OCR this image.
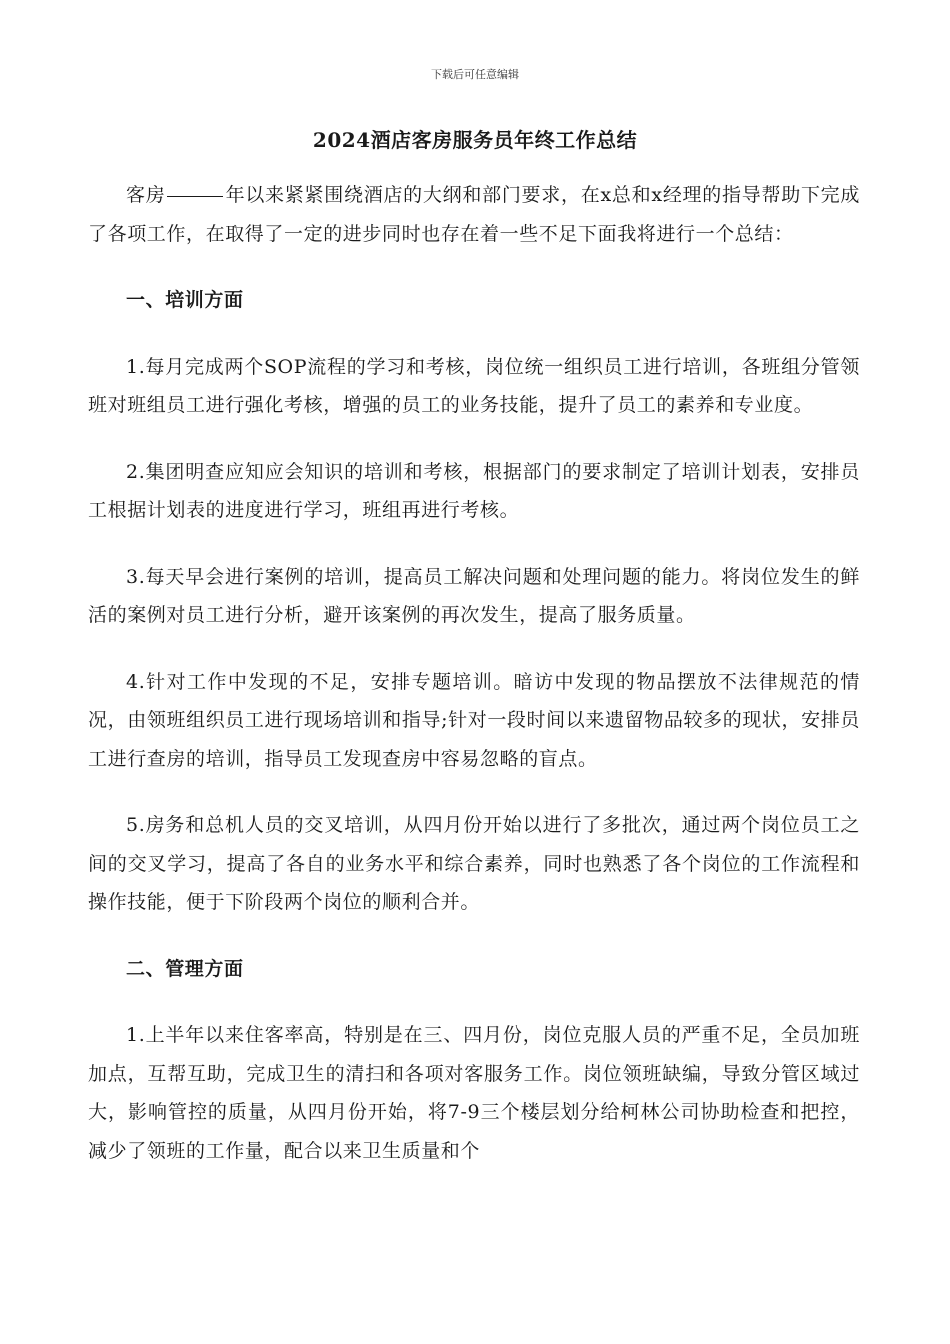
下载后可任意编辑
2024酒店客房服务员年终工作总结

客房	年以来紧紧围绕酒店的大纲和部门要求，在x总和x经理的指导帮助下完成了各项工作，在取得了一定的进步同时也存在着一些不足下面我将进行一个总结：

一、培训方面

1.每月完成两个SOP流程的学习和考核，岗位统一组织员工进行培训，各班组分管领班对班组员工进行强化考核，增强的员工的业务技能，提升了员工的素养和专业度。

2.集团明查应知应会知识的培训和考核，根据部门的要求制定了培训计划表，安排员工根据计划表的进度进行学习，班组再进行考核。

3.每天早会进行案例的培训，提高员工解决问题和处理问题的能力。将岗位发生的鲜活的案例对员工进行分析，避开该案例的再次发生，提高了服务质量。

4.针对工作中发现的不足，安排专题培训。暗访中发现的物品摆放不法律规范的情况，由领班组织员工进行现场培训和指导;针对一段时间以来遗留物品较多的现状，安排员工进行查房的培训，指导员工发现查房中容易忽略的盲点。

5.房务和总机人员的交叉培训，从四月份开始以进行了多批次，通过两个岗位员工之间的交叉学习，提高了各自的业务水平和综合素养，同时也熟悉了各个岗位的工作流程和操作技能，便于下阶段两个岗位的顺利合并。

二、管理方面

1.上半年以来住客率高，特别是在三、四月份，岗位克服人员的严重不足，全员加班加点，互帮互助，完成卫生的清扫和各项对客服务工作。岗位领班缺编，导致分管区域过大，影响管控的质量，从四月份开始，将7-9三个楼层划分给柯林公司协助检查和把控，减少了领班的工作量，配合以来卫生质量和个
